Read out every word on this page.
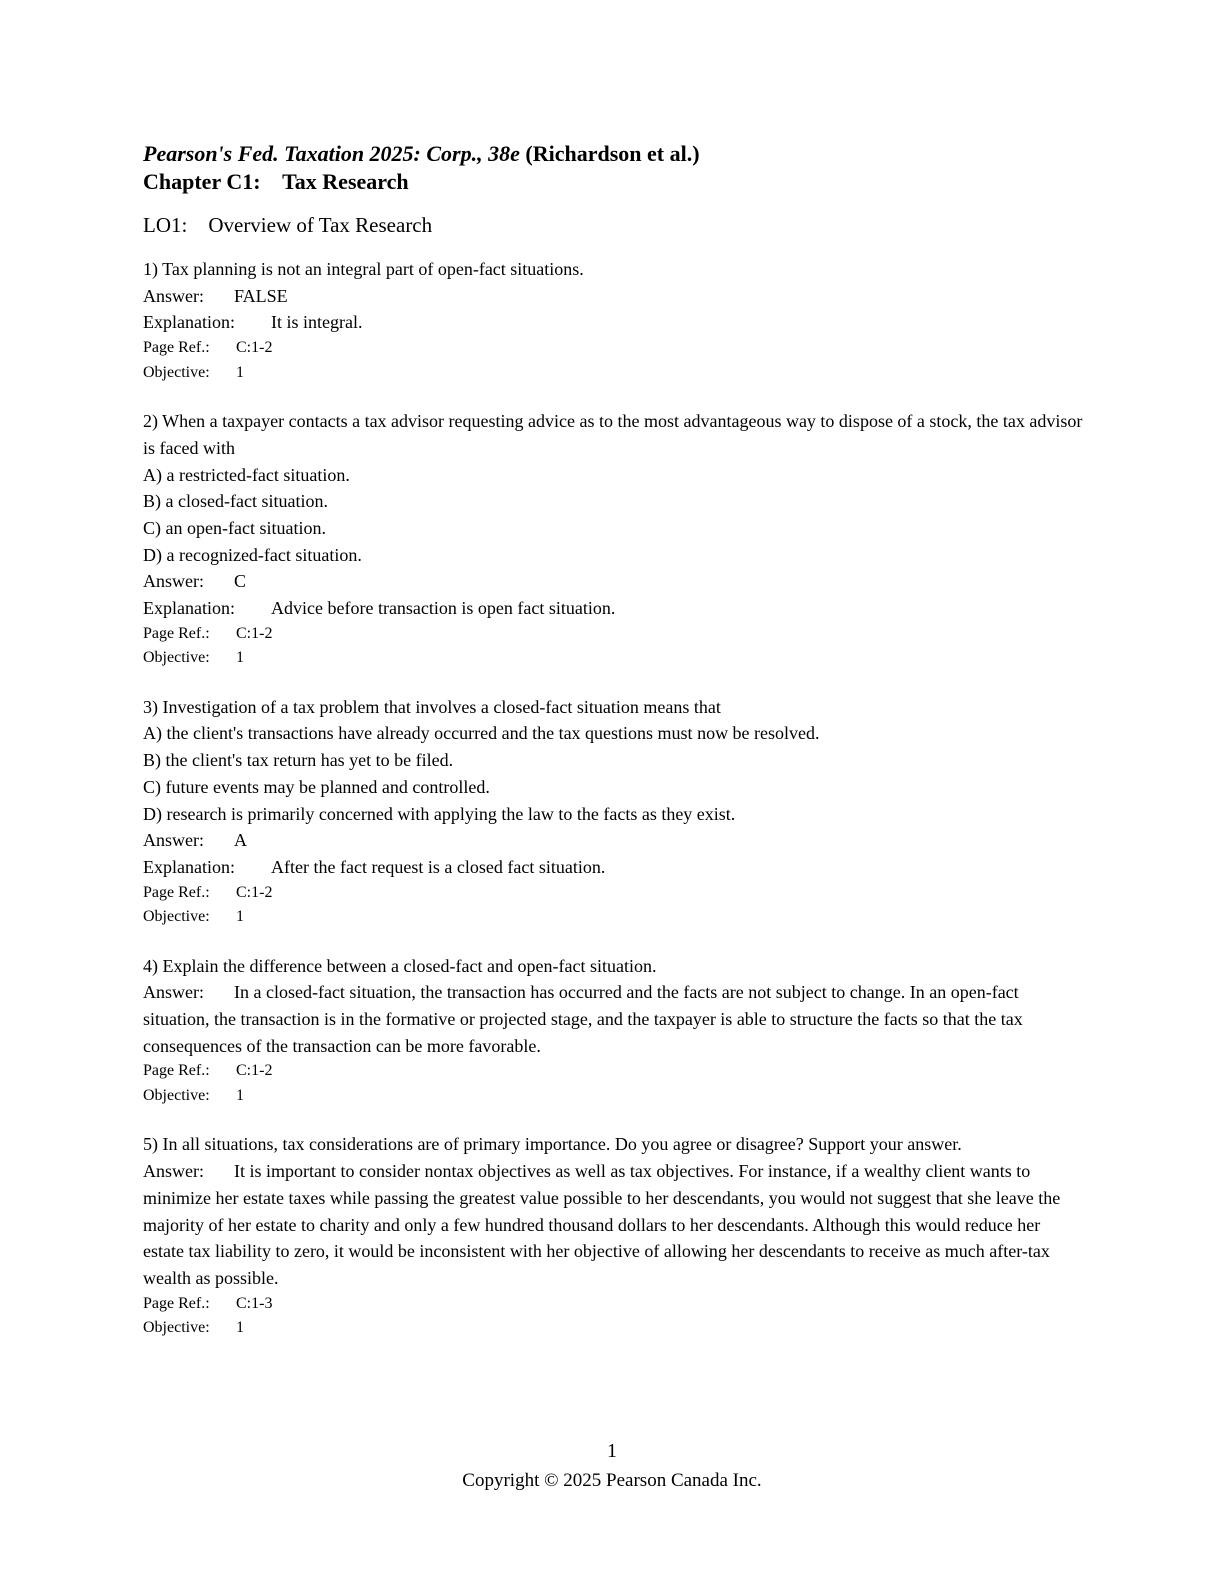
Pearson's Fed. Taxation 2025: Corp., 38e (Richardson et al.)
Chapter C1:    Tax Research
LO1:    Overview of Tax Research
1) Tax planning is not an integral part of open-fact situations.
Answer: FALSE
Explanation: It is integral.
Page Ref.: C:1-2
Objective: 1
2) When a taxpayer contacts a tax advisor requesting advice as to the most advantageous way to dispose of a stock, the tax advisor is faced with
A) a restricted-fact situation.
B) a closed-fact situation.
C) an open-fact situation.
D) a recognized-fact situation.
Answer: C
Explanation: Advice before transaction is open fact situation.
Page Ref.: C:1-2
Objective: 1
3) Investigation of a tax problem that involves a closed-fact situation means that
A) the client's transactions have already occurred and the tax questions must now be resolved.
B) the client's tax return has yet to be filed.
C) future events may be planned and controlled.
D) research is primarily concerned with applying the law to the facts as they exist.
Answer: A
Explanation: After the fact request is a closed fact situation.
Page Ref.: C:1-2
Objective: 1
4) Explain the difference between a closed-fact and open-fact situation.
Answer: In a closed-fact situation, the transaction has occurred and the facts are not subject to change. In an open-fact situation, the transaction is in the formative or projected stage, and the taxpayer is able to structure the facts so that the tax consequences of the transaction can be more favorable.
Page Ref.: C:1-2
Objective: 1
5) In all situations, tax considerations are of primary importance. Do you agree or disagree? Support your answer.
Answer: It is important to consider nontax objectives as well as tax objectives. For instance, if a wealthy client wants to minimize her estate taxes while passing the greatest value possible to her descendants, you would not suggest that she leave the majority of her estate to charity and only a few hundred thousand dollars to her descendants. Although this would reduce her estate tax liability to zero, it would be inconsistent with her objective of allowing her descendants to receive as much after-tax wealth as possible.
Page Ref.: C:1-3
Objective: 1
1
Copyright © 2025 Pearson Canada Inc.
